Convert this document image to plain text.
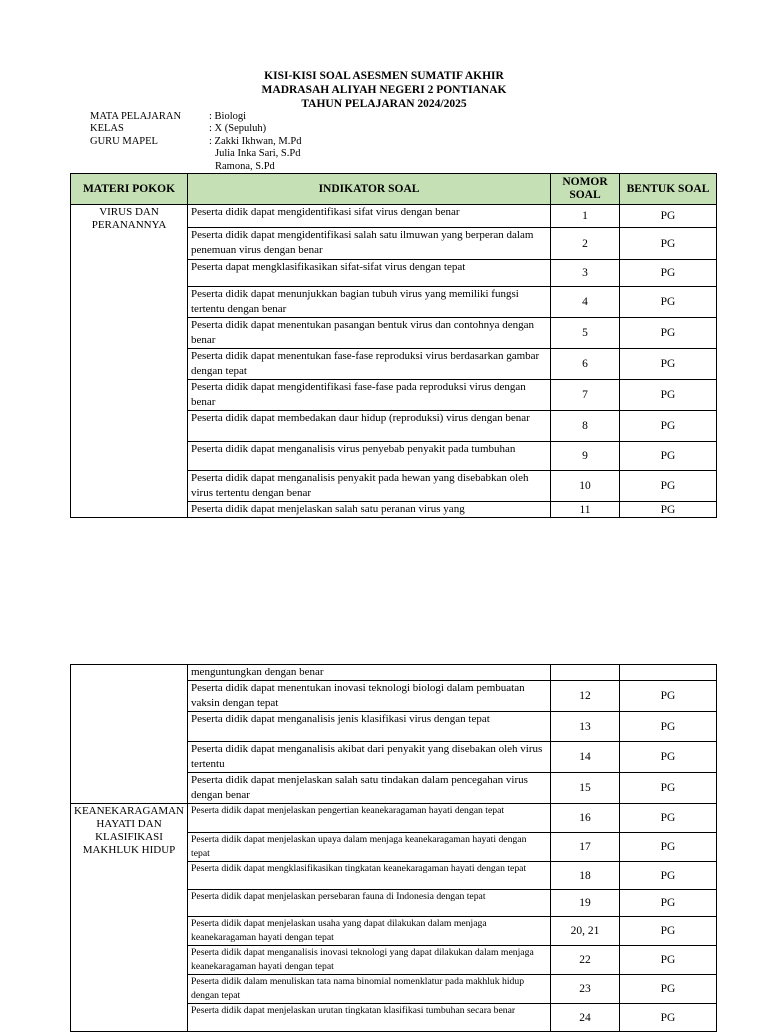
KISI-KISI SOAL ASESMEN SUMATIF AKHIR
MADRASAH ALIYAH NEGERI 2 PONTIANAK
TAHUN PELAJARAN 2024/2025
MATA PELAJARAN	: Biologi
KELAS	: X (Sepuluh)
GURU MAPEL	: Zakki Ikhwan, M.Pd
Julia Inka Sari, S.Pd
Ramona, S.Pd
MATERI POKOK	INDIKATOR SOAL	NOMOR SOAL	BENTUK SOAL
VIRUS DAN PERANANNYA	Peserta didik dapat mengidentifikasi sifat virus dengan benar	1	PG
	Peserta didik dapat mengidentifikasi salah satu ilmuwan yang berperan dalam penemuan virus dengan benar	2	PG
	Peserta dapat mengklasifikasikan sifat-sifat virus dengan tepat	3	PG
	Peserta didik dapat menunjukkan bagian tubuh virus yang memiliki fungsi tertentu dengan benar	4	PG
	Peserta didik dapat menentukan pasangan bentuk virus dan contohnya dengan benar	5	PG
	Peserta didik dapat menentukan fase-fase reproduksi virus berdasarkan gambar dengan tepat	6	PG
	Peserta didik dapat mengidentifikasi fase-fase pada reproduksi virus dengan benar	7	PG
	Peserta didik dapat membedakan daur hidup (reproduksi) virus dengan benar	8	PG
	Peserta didik dapat menganalisis virus penyebab penyakit pada tumbuhan	9	PG
	Peserta didik dapat menganalisis penyakit pada hewan yang disebabkan oleh virus tertentu dengan benar	10	PG
	Peserta didik dapat menjelaskan salah satu peranan virus yang	11	PG
	menguntungkan dengan benar		
	Peserta didik dapat menentukan inovasi teknologi biologi dalam pembuatan vaksin dengan tepat	12	PG
	Peserta didik dapat menganalisis jenis klasifikasi virus dengan tepat	13	PG
	Peserta didik dapat menganalisis akibat dari penyakit yang disebakan oleh virus tertentu	14	PG
	Peserta didik dapat menjelaskan salah satu tindakan dalam pencegahan virus dengan benar	15	PG
KEANEKARAGAMAN HAYATI DAN KLASIFIKASI MAKHLUK HIDUP	Peserta didik dapat menjelaskan pengertian keanekaragaman hayati dengan tepat	16	PG
	Peserta didik dapat menjelaskan upaya dalam menjaga keanekaragaman hayati dengan tepat	17	PG
	Peserta didik dapat mengklasifikasikan tingkatan keanekaragaman hayati dengan tepat	18	PG
	Peserta didik dapat menjelaskan persebaran fauna di Indonesia dengan tepat	19	PG
	Peserta didik dapat menjelaskan usaha yang dapat dilakukan dalam menjaga keanekaragaman hayati dengan tepat	20, 21	PG
	Peserta didik dapat menganalisis inovasi teknologi yang dapat dilakukan dalam menjaga keanekaragaman hayati dengan tepat	22	PG
	Peserta didik dalam menuliskan tata nama binomial nomenklatur pada makhluk hidup dengan tepat	23	PG
	Peserta didik dapat menjelaskan urutan tingkatan klasifikasi tumbuhan secara benar	24	PG
